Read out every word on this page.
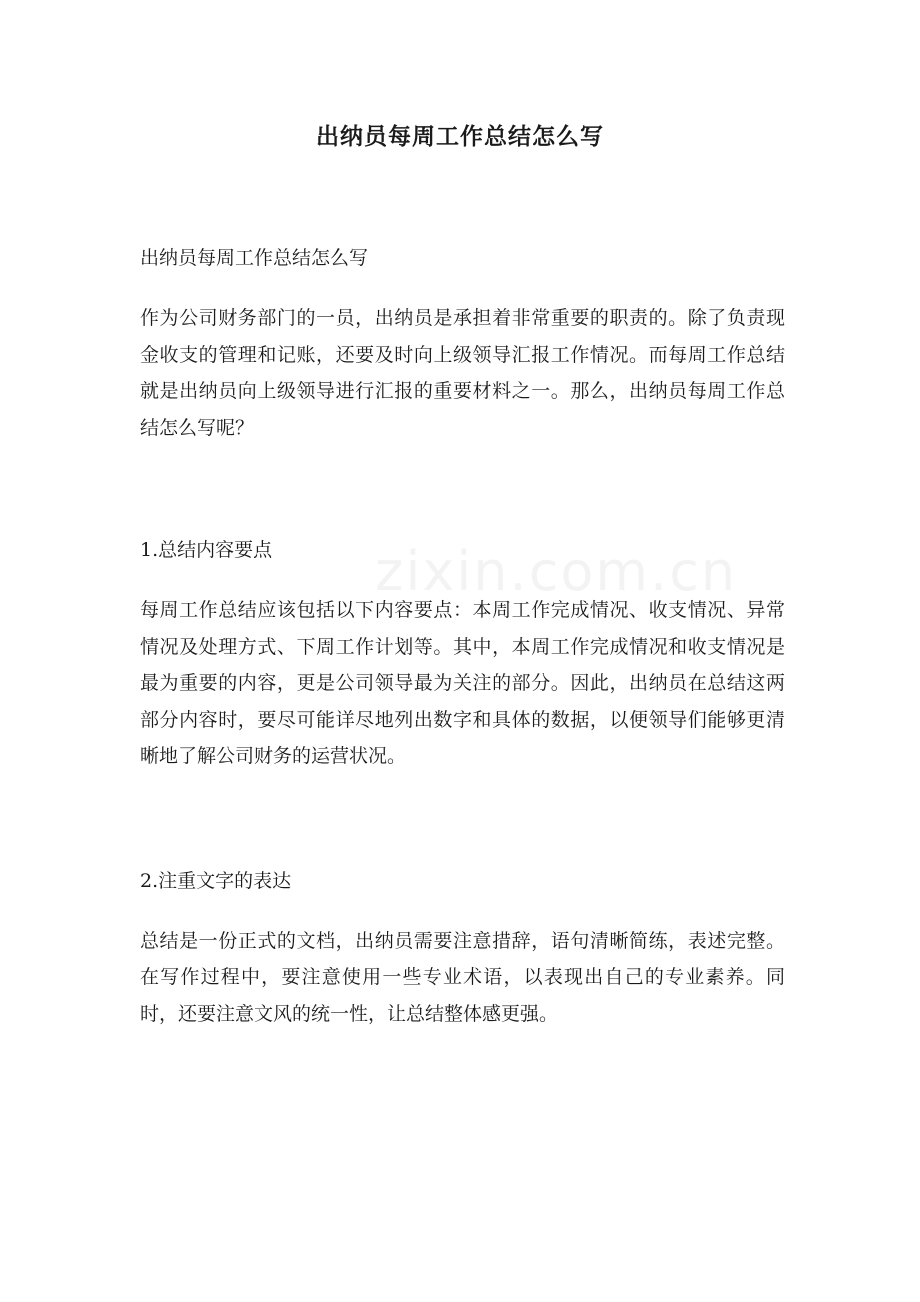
出纳员每周工作总结怎么写
出纳员每周工作总结怎么写

作为公司财务部门的一员，出纳员是承担着非常重要的职责的。除了负责现金收支的管理和记账，还要及时向上级领导汇报工作情况。而每周工作总结就是出纳员向上级领导进行汇报的重要材料之一。那么，出纳员每周工作总结怎么写呢？

1.总结内容要点

每周工作总结应该包括以下内容要点：本周工作完成情况、收支情况、异常情况及处理方式、下周工作计划等。其中，本周工作完成情况和收支情况是最为重要的内容，更是公司领导最为关注的部分。因此，出纳员在总结这两部分内容时，要尽可能详尽地列出数字和具体的数据，以便领导们能够更清晰地了解公司财务的运营状况。

2.注重文字的表达

总结是一份正式的文档，出纳员需要注意措辞，语句清晰简练，表述完整。在写作过程中，要注意使用一些专业术语，以表现出自己的专业素养。同时，还要注意文风的统一性，让总结整体感更强。
